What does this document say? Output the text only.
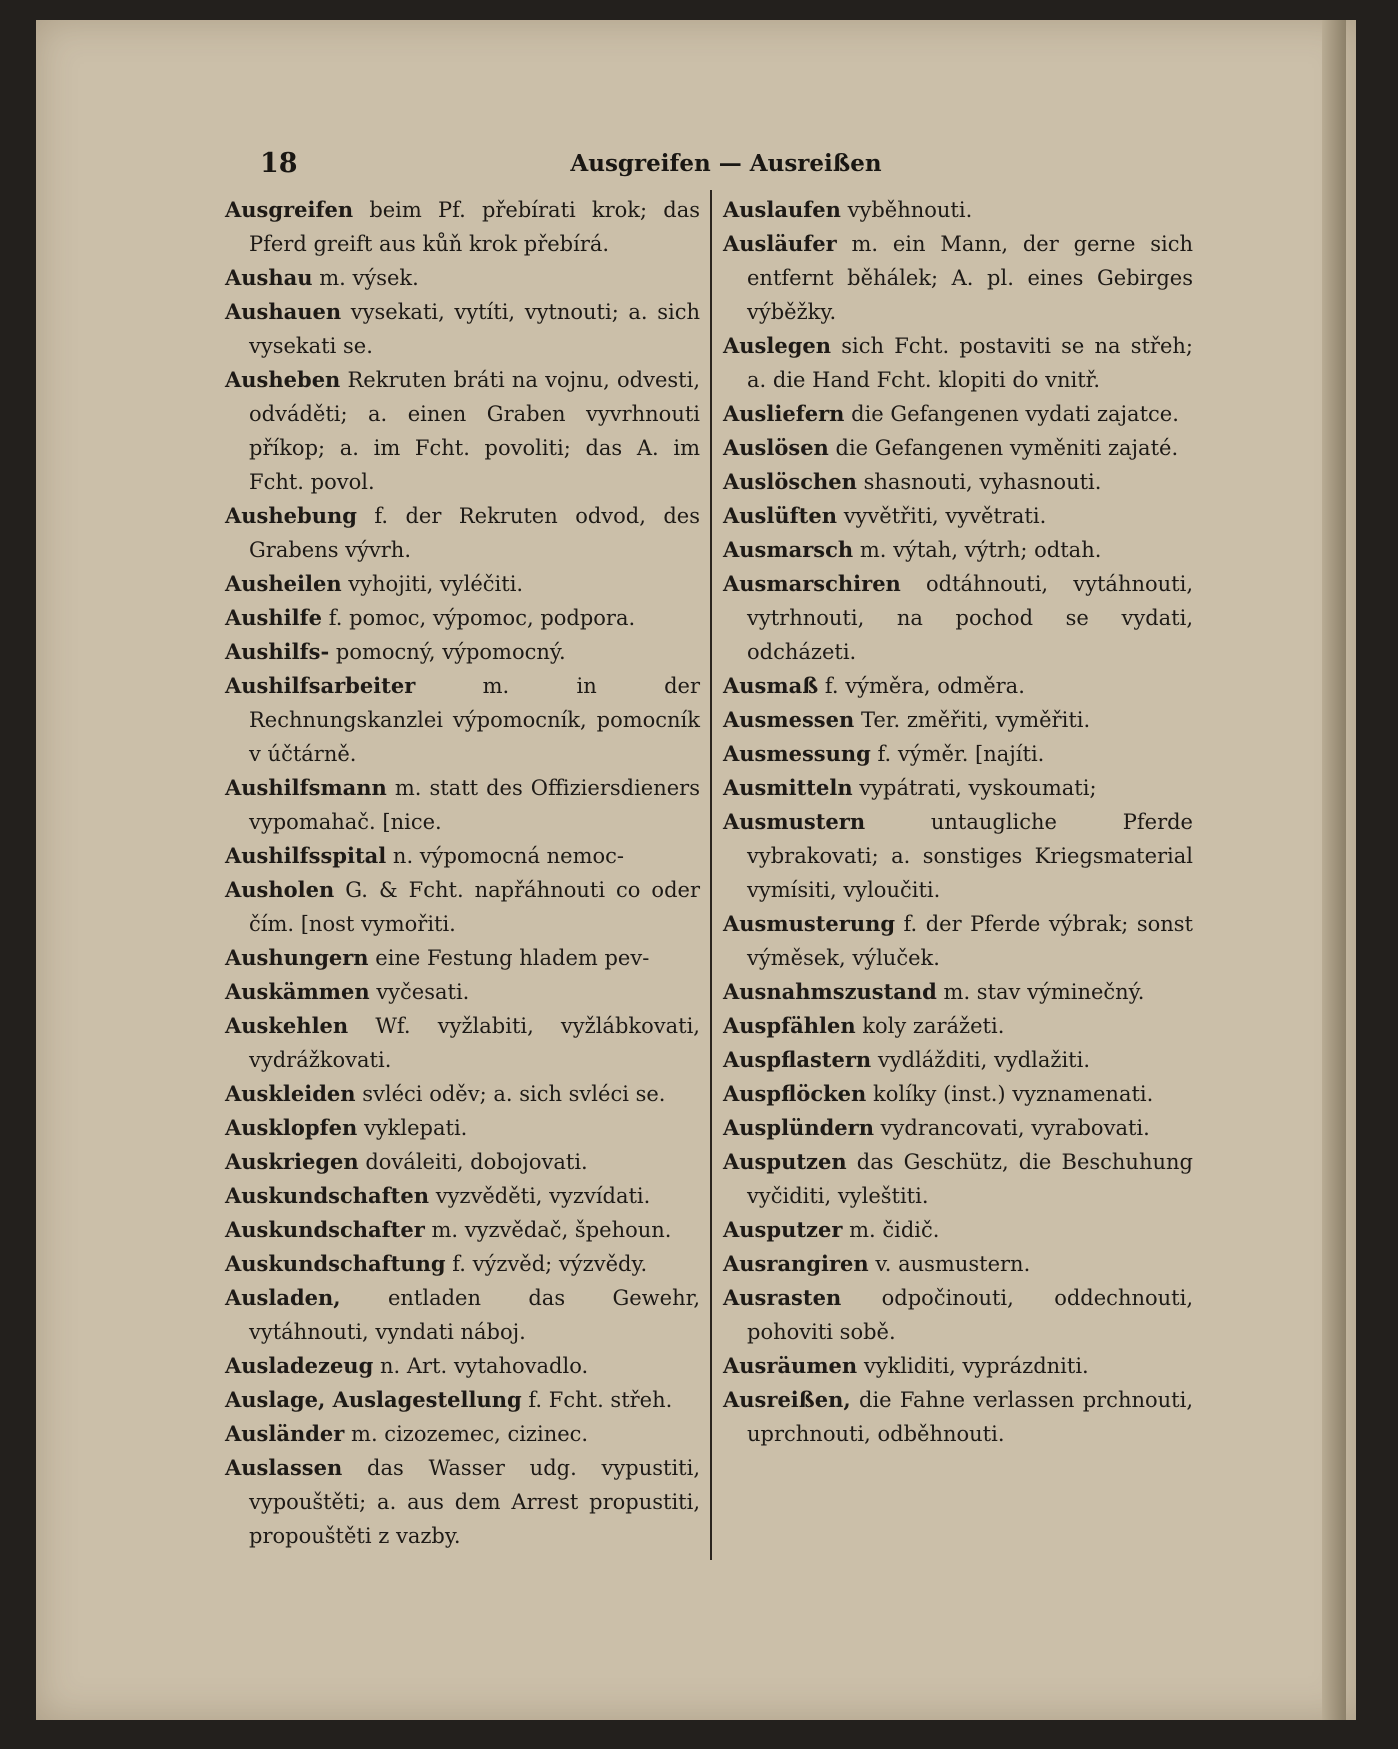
18	Ausgreifen — Ausreißen

Ausgreifen beim Pf. přebírati krok; das Pferd greift aus kůň krok přebírá.

Aushau m. výsek.

Aushauen vysekati, vytíti, vytnouti; a. sich vysekati se.

Ausheben Rekruten bráti na vojnu, odvesti, odváděti; a. einen Graben vyvrhnouti příkop; a. im Fcht. povoliti; das A. im Fcht. povol.

Aushebung f. der Rekruten odvod, des Grabens vývrh.

Ausheilen vyhojiti, vyléčiti.

Aushilfe f. pomoc, výpomoc, podpora.

Aushilfs- pomocný, výpomocný.

Aushilfsarbeiter	m. in der Rechnungskanzlei výpomocník, pomocník v účtárně.

Aushilfsmann m. statt des Offiziersdieners vypomahač. [nice.

Aushilfsspital n. výpomocná nemoc-

Ausholen G. & Fcht. napřáhnouti co oder čím. [nost vymořiti.

Aushungern eine Festung hladem pev-

Auskämmen vyčesati.

Auskehlen Wf. vyžlabiti, vyžlábkovati, vydrážkovati.

Auskleiden svléci oděv; a. sich svléci se.

Ausklopfen vyklepati.

Auskriegen dováleiti, dobojovati.

Auskundschaften vyzvěděti, vyzvídati.

Auskundschafter m. vyzvědač, špehoun.

Auskundschaftung f. výzvěd; výzvědy.

Ausladen, entladen das Gewehr, vytáhnouti, vyndati náboj.

Ausladezeug n. Art. vytahovadlo.

Auslage, Auslagestellung f. Fcht. střeh.

Ausländer m. cizozemec, cizinec.

Auslassen das Wasser udg. vypustiti, vypouštěti; a. aus dem Arrest propustiti, propouštěti z vazby.

Auslaufen vyběhnouti.

Ausläufer m. ein Mann, der gerne sich entfernt běhálek; A. pl. eines Gebirges výběžky.

Auslegen sich Fcht. postaviti se na střeh; a. die Hand Fcht. klopiti do vnitř.

Ausliefern die Gefangenen vydati zajatce.

Auslösen die Gefangenen vyměniti zajaté.

Auslöschen shasnouti, vyhasnouti.

Auslüften vyvětřiti, vyvětrati.

Ausmarsch m. výtah, výtrh; odtah.

Ausmarschiren odtáhnouti, vytáhnouti, vytrhnouti, na pochod se vydati, odcházeti.

Ausmaß f. výměra, odměra.

Ausmessen Ter. změřiti, vyměřiti.

Ausmessung f. výměr. [najíti.

Ausmitteln vypátrati, vyskoumati;

Ausmustern	untaugliche Pferde vybrakovati; a. sonstiges Kriegsmaterial vymísiti, vyloučiti.

Ausmusterung f. der Pferde výbrak; sonst výměsek, výluček.

Ausnahmszustand m. stav výminečný.

Auspfählen koly zarážeti.

Auspflastern vydlážditi, vydlažiti.

Auspflöcken kolíky (inst.) vyznamenati.

Ausplündern vydrancovati, vyrabovati.

Ausputzen das Geschütz, die Beschuhung vyčiditi, vyleštiti.

Ausputzer m. čidič.

Ausrangiren v. ausmustern.

Ausrasten odpočinouti, oddechnouti, pohoviti sobě.

Ausräumen vykliditi, vyprázdniti.

Ausreißen, die Fahne verlassen prchnouti, uprchnouti, odběhnouti.
